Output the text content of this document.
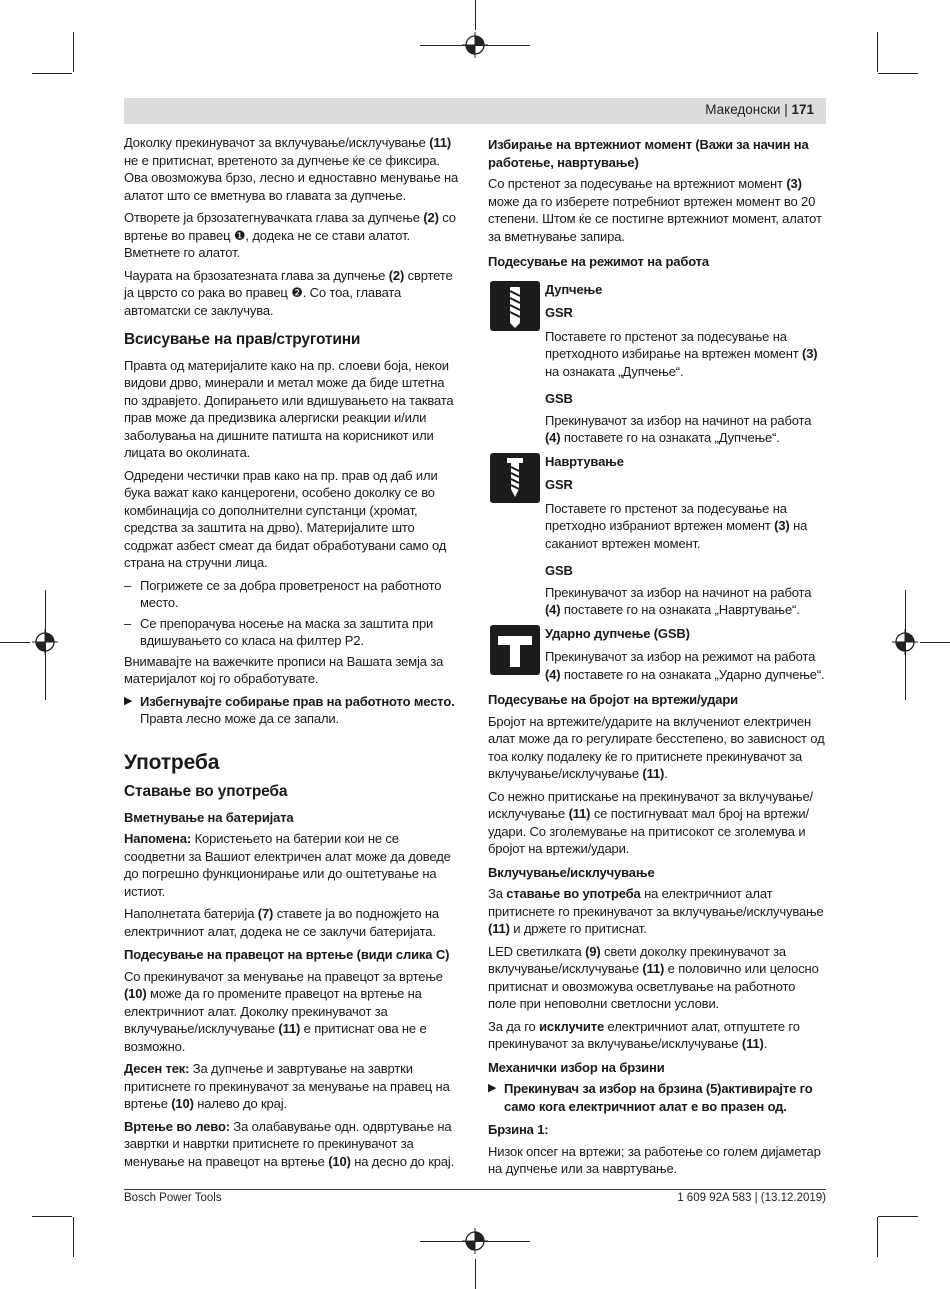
Македонски | 171

Доколку прекинувачот за вклучување/исклучување (11) не е притиснат, вретеното за дупчење ќе се фиксира. Ова овозможува брзо, лесно и едноставно менување на алатот што се вметнува во главата за дупчење.

Отворете ја брзозатегнувачката глава за дупчење (2) со вртење во правец ❶, додека не се стави алатот. Вметнете го алатот.

Чаурата на брзозатезната глава за дупчење (2) свртете ја цврсто со рака во правец ❷. Со тоа, главата автоматски се заклучува.

Всисување на прав/струготини

Правта од материјалите како на пр. слоеви боја, некои видови дрво, минерали и метал може да биде штетна по здравјето. Допирањето или вдишувањето на таквата прав може да предизвика алергиски реакции и/или заболувања на дишните патишта на корисникот или лицата во околината.

Одредени честички прав како на пр. прав од даб или бука важат како канцерогени, особено доколку се во комбинација со дополнителни супстанци (хромат, средства за заштита на дрво). Материјалите што содржат азбест смеат да бидат обработувани само од страна на стручни лица.

– Погрижете се за добра проветреност на работното место.
– Се препорачува носење на маска за заштита при вдишувањето со класа на филтер P2.

Внимавајте на важечките прописи на Вашата земја за материјалот кој го обработувате.

▶ Избегнувајте собирање прав на работното место. Правта лесно може да се запали.
Употреба
Ставање во употреба
Вметнување на батеријата

Напомена: Користењето на батерии кои не се соодветни за Вашиот електричен алат може да доведе до погрешно функционирање или до оштетување на истиот.

Наполнетата батерија (7) ставете ја во подножјето на електричниот алат, додека не се заклучи батеријата.

Подесување на правецот на вртење (види слика C)

Со прекинувачот за менување на правецот за вртење (10) може да го промените правецот на вртење на електричниот алат. Доколку прекинувачот за вклучување/исклучување (11) е притиснат ова не е возможно.

Десен тек: За дупчење и завртување на завртки притиснете го прекинувачот за менување на правец на вртење (10) налево до крај.

Вртење во лево: За олабавување одн. одвртување на завртки и навртки притиснете го прекинувачот за менување на правецот на вртење (10) на десно до крај.

Избирање на вртежниот момент (Важи за начин на работење, навртување)

Со прстенот за подесување на вртежниот момент (3) може да го изберете потребниот вртежен момент во 20 степени. Штом ќе се постигне вртежниот момент, алатот за вметнување запира.

Подесување на режимот на работа
Дупчење
GSR

Поставете го прстенот за подесување на претходното избирање на вртежен момент (3) на ознаката „Дупчење“.

GSB

Прекинувачот за избор на начинот на работа (4) поставете го на ознаката „Дупчење“.

Навртување
GSR

Поставете го прстенот за подесување на претходно избраниот вртежен момент (3) на саканиот вртежен момент.

GSB

Прекинувачот за избор на начинот на работа (4) поставете го на ознаката „Навртување“.

Ударно дупчење (GSB)

Прекинувачот за избор на режимот на работа (4) поставете го на ознаката „Ударно дупчење“.

Подесување на бројот на вртежи/удари

Бројот на вртежите/ударите на вклучениот електричен алат може да го регулирате бесстепено, во зависност од тоа колку подалеку ќе го притиснете прекинувачот за вклучување/исклучување (11).

Со нежно притискање на прекинувачот за вклучување/ исклучување (11) се постигнуваат мал број на вртежи/удари. Со зголемување на притисокот се зголемува и бројот на вртежи/удари.

Вклучување/исклучување

За ставање во употреба на електричниот алат притиснете го прекинувачот за вклучување/исклучување (11) и држете го притиснат.

LED светилката (9) свети доколку прекинувачот за вклучување/исклучување (11) е половично или целосно притиснат и овозможува осветлување на работното поле при неповолни светлосни услови.

За да го исклучите електричниот алат, отпуштете го прекинувачот за вклучување/исклучување (11).

Механички избор на брзини
▶ Прекинувач за избор на брзина (5)активирајте го само кога електричниот алат е во празен од.
Брзина 1:

Низок опсег на вртежи; за работење со голем дијаметар на дупчење или за навртување.

Bosch Power Tools	1 609 92A 583 | (13.12.2019)
